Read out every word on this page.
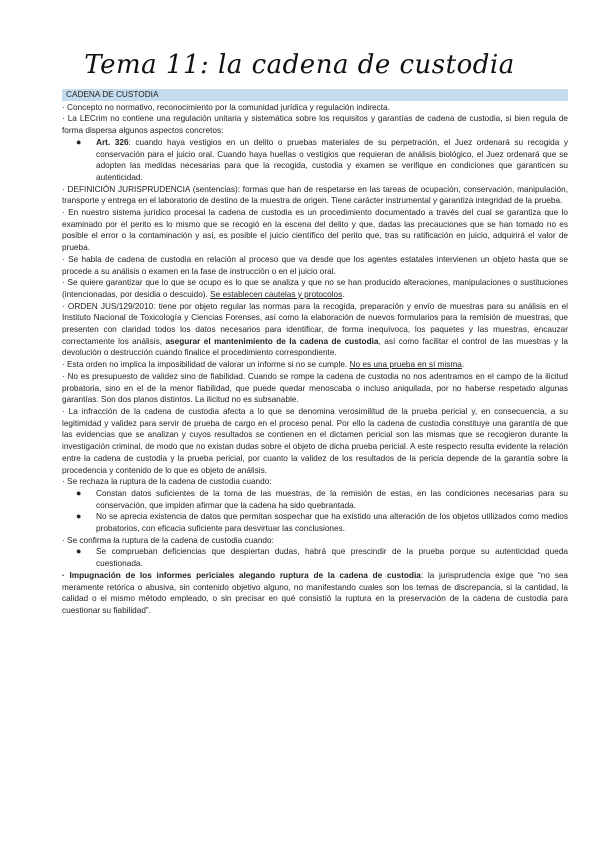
Tema 11: la cadena de custodia
CADENA DE CUSTODIA

· Concepto no normativo, reconocimiento por la comunidad jurídica y regulación indirecta.

· La LECrim no contiene una regulación unitaria y sistemática sobre los requisitos y garantías de cadena de custodia, si bien regula de forma dispersa algunos aspectos concretos:

● Art. 326: cuando haya vestigios en un delito o pruebas materiales de su perpetración, el Juez ordenará su recogida y conservación para el juicio oral. Cuando haya huellas o vestigios que requieran de análisis biológico, el Juez ordenará que se adopten las medidas necesarias para que la recogida, custodia y examen se verifique en condiciones que garanticen su autenticidad.

· DEFINICIÓN JURISPRUDENCIA (sentencias): formas que han de respetarse en las tareas de ocupación, conservación, manipulación, transporte y entrega en el laboratorio de destino de la muestra de origen. Tiene carácter instrumental y garantiza integridad de la prueba.

· En nuestro sistema jurídico procesal la cadena de custodia es un procedimiento documentado a través del cual se garantiza que lo examinado por el perito es lo mismo que se recogió en la escena del delito y que, dadas las precauciones que se han tomado no es posible el error o la contaminación y así, es posible el juicio científico del perito que, tras su ratificación en juicio, adquirirá el valor de prueba.

· Se habla de cadena de custodia en relación al proceso que va desde que los agentes estatales intervienen un objeto hasta que se procede a su análisis o examen en la fase de instrucción o en el juicio oral.

· Se quiere garantizar que lo que se ocupo es lo que se analiza y que no se han producido alteraciones, manipulaciones o sustituciones (intencionadas, por desidia o descuido). Se establecen cautelas y protocolos.

· ORDEN JUS/129/2010: tiene por objeto regular las normas para la recogida, preparación y envío de muestras para su análisis en el Instituto Nacional de Toxicología y Ciencias Forenses, así como la elaboración de nuevos formularios para la remisión de muestras, que presenten con claridad todos los datos necesarios para identificar, de forma inequívoca, los paquetes y las muestras, encauzar correctamente los análisis, asegurar el mantenimiento de la cadena de custodia, así como facilitar el control de las muestras y la devolución o destrucción cuando finalice el procedimiento correspondiente.

· Esta orden no implica la imposibilidad de valorar un informe si no se cumple. No es una prueba en sí misma.

· No es presupuesto de validez sino de fiabilidad. Cuando se rompe la cadena de custodia no nos adentramos en el campo de la ilicitud probatoria, sino en el de la menor fiabilidad, que puede quedar menoscaba o incluso aniquilada, por no haberse respetado algunas garantías. Son dos planos distintos. La ilicitud no es subsanable.

· La infracción de la cadena de custodia afecta a lo que se denomina verosimilitud de la prueba pericial y, en consecuencia, a su legitimidad y validez para servir de prueba de cargo en el proceso penal. Por ello la cadena de custodia constituye una garantía de que las evidencias que se analizan y cuyos resultados se contienen en el dictamen pericial son las mismas que se recogieron durante la investigación criminal, de modo que no existan dudas sobre el objeto de dicha prueba pericial. A este respecto resulta evidente la relación entre la cadena de custodia y la prueba pericial, por cuanto la validez de los resultados de la pericia depende de la garantía sobre la procedencia y contenido de lo que es objeto de análisis.

· Se rechaza la ruptura de la cadena de custodia cuando:

● Constan datos suficientes de la toma de las muestras, de la remisión de estas, en las condiciones necesarias para su conservación, que impiden afirmar que la cadena ha sido quebrantada.
● No se aprecia existencia de datos que permitan sospechar que ha existido una alteración de los objetos utilizados como medios probatorios, con eficacia suficiente para desvirtuar las conclusiones.

· Se confirma la ruptura de la cadena de custodia cuando:

● Se comprueban deficiencias que despiertan dudas, habrá que prescindir de la prueba porque su autenticidad queda cuestionada.

· Impugnación de los informes periciales alegando ruptura de la cadena de custodia: la jurisprudencia exige que “no sea meramente retórica o abusiva, sin contenido objetivo alguno, no manifestando cuales son los temas de discrepancia, si la cantidad, la calidad o el mismo método empleado, o sin precisar en qué consistió la ruptura en la preservación de la cadena de custodia para cuestionar su fiabilidad”.
